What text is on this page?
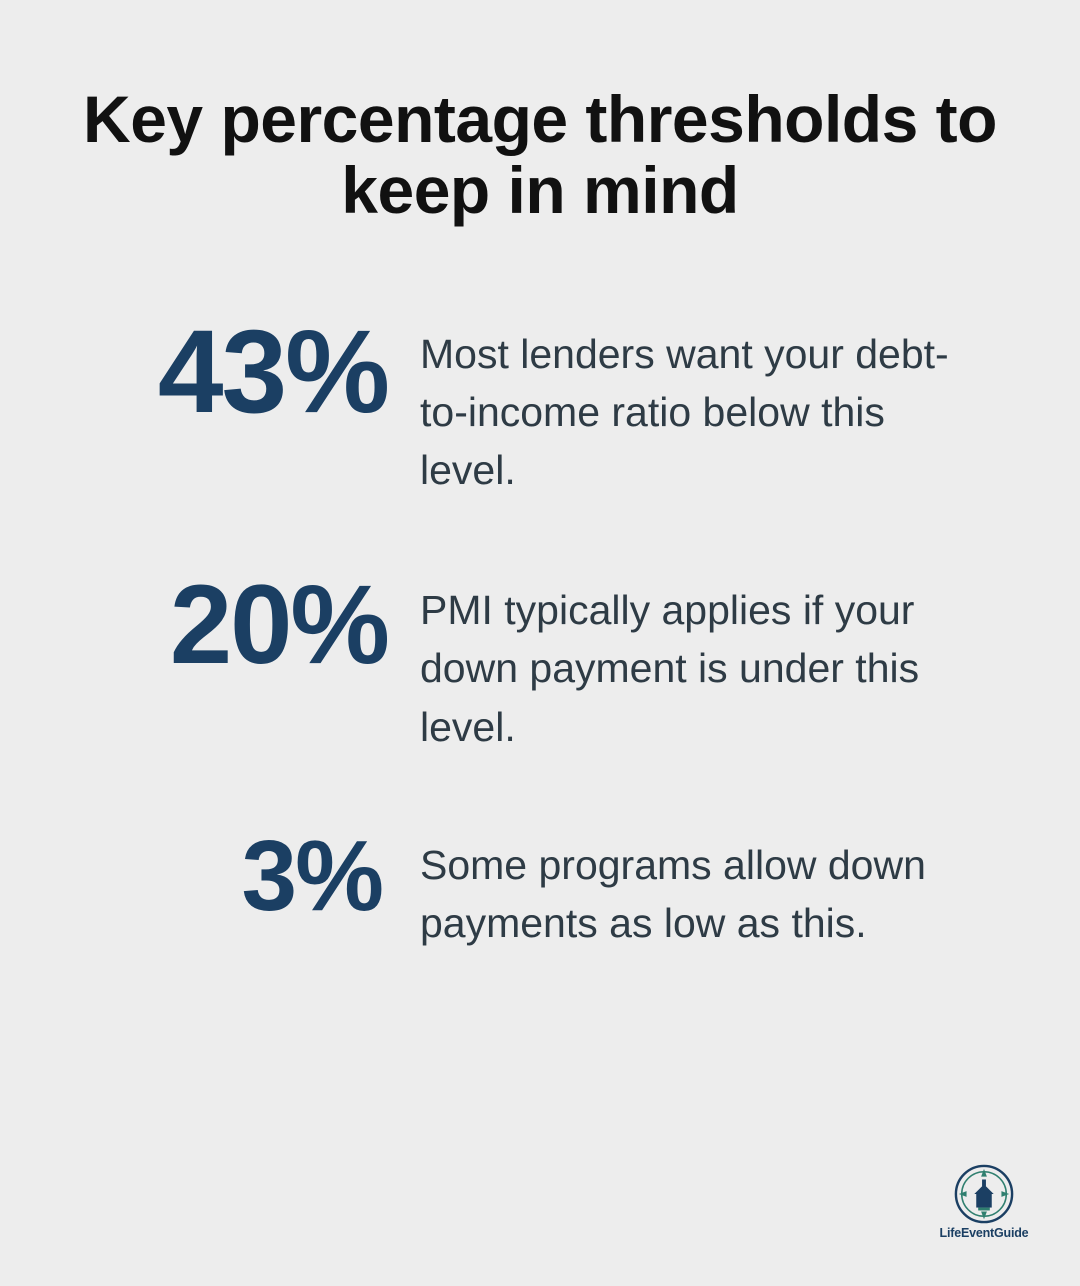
Key percentage thresholds to keep in mind
43% Most lenders want your debt-to-income ratio below this level.
20% PMI typically applies if your down payment is under this level.
3% Some programs allow down payments as low as this.
LifeEventGuide
